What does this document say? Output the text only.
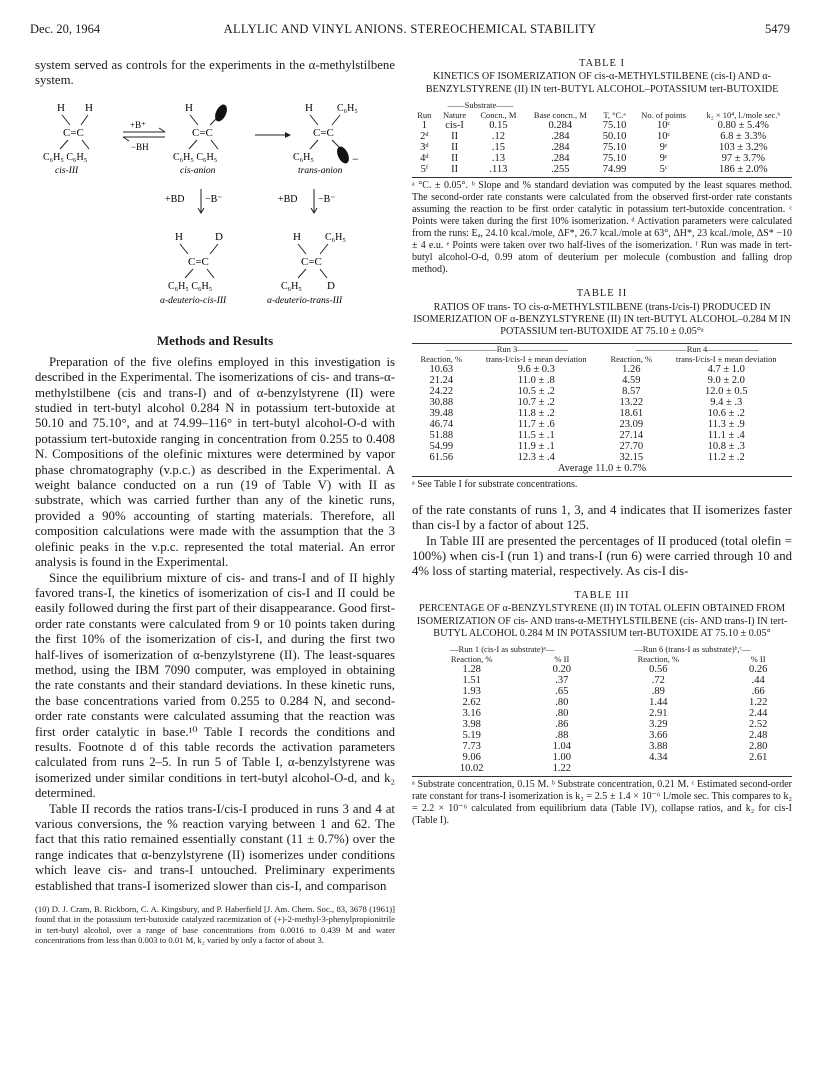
Dec. 20, 1964	ALLYLIC AND VINYL ANIONS. STEREOCHEMICAL STABILITY	5479

system served as controls for the experiments in the α-methylstilbene system.

H H
C=C
C₆H₅ C₆H₅
cis-III
+B⁺
−BH
H
C=C
C₆H₅ C₆H₅
cis-anion
H C₆H₅
C=C
−
C₆H₅
trans-anion
+BD −B⁻	+BD −B⁻
H	D
C=C
C₆H₅ C₆H₅
α-deuterio-cis-III
H C₆H₅
C=C
C₆H₅ D
α-deuterio-trans-III
Methods and Results

Preparation of the five olefins employed in this investigation is described in the Experimental. The isomerizations of cis- and trans-α-methylstilbene (cis and trans-I) and of α-benzylstyrene (II) were studied in tert-butyl alcohol 0.284 N in potassium tert-butoxide at 50.10 and 75.10°, and at 74.99–116° in tert-butyl alcohol-O-d with potassium tert-butoxide ranging in concentration from 0.255 to 0.408 N. Compositions of the olefinic mixtures were determined by vapor phase chromatography (v.p.c.) as described in the Experimental. A weight balance conducted on a run (19 of Table V) with II as substrate, which was carried further than any of the kinetic runs, provided a 90% accounting of starting materials. Therefore, all composition calculations were made with the assumption that the 3 olefinic peaks in the v.p.c. represented the total material. An error analysis is found in the Experimental.

Since the equilibrium mixture of cis- and trans-I and of II highly favored trans-I, the kinetics of isomerization of cis-I and II could be easily followed during the first part of their disappearance. Good first-order rate constants were calculated from 9 or 10 points taken during the first 10% of the isomerization of cis-I, and during the first two half-lives of isomerization of α-benzylstyrene (II). The least-squares method, using the IBM 7090 computer, was employed in obtaining the rate constants and their standard deviations. In these kinetic runs, the base concentrations varied from 0.255 to 0.284 N, and second-order rate constants were calculated assuming that the reaction was first order catalytic in base.¹⁰ Table I records the conditions and results. Footnote d of this table records the activation parameters calculated from runs 2–5. In run 5 of Table I, α-benzylstyrene was isomerized under similar conditions in tert-butyl alcohol-O-d, and k₂ determined.

Table II records the ratios trans-I/cis-I produced in runs 3 and 4 at various conversions, the % reaction varying between 1 and 62. The fact that this ratio remained essentially constant (11 ± 0.7%) over the range indicates that α-benzylstyrene (II) isomerizes under conditions which leave cis- and trans-I untouched. Preliminary experiments established that trans-I isomerized slower than cis-I, and comparison

(10) D. J. Cram, B. Rickborn, C. A. Kingsbury, and P. Haberfield [J. Am. Chem. Soc., 83, 3678 (1961)] found that in the potassium tert-butoxide catalyzed racemization of (+)-2-methyl-3-phenylpropionitrile in tert-butyl alcohol, over a range of base concentrations from 0.0016 to 0.439 M and water concentrations from less than 0.003 to 0.01 M, k₂ varied by only a factor of about 3.

TABLE I
KINETICS OF ISOMERIZATION OF cis-α-METHYLSTILBENE (cis-I) AND α-BENZYLSTYRENE (II) IN tert-BUTYL ALCOHOL–POTASSIUM tert-BUTOXIDE
	——Substrate——					
Run	Nature	Concn., M	Base concn., M	T, °C.ᵃ	No. of points	k₂ × 10⁴, l./mole sec.ᵇ
1	cis-I	0.15	0.284	75.10	10ᶜ	0.80 ± 5.4%
2ᵈ	II	.12	.284	50.10	10ᶜ	6.8 ± 3.3%
3ᵈ	II	.15	.284	75.10	9ᶜ	103 ± 3.2%
4ᵈ	II	.13	.284	75.10	9ᶜ	97 ± 3.7%
5ᶠ	II	.113	.255	74.99	5ᶜ	186 ± 2.0%

ᵃ °C. ± 0.05°. ᵇ Slope and % standard deviation was computed by the least squares method. The second-order rate constants were calculated from the observed first-order rate constants assuming the reaction to be first order catalytic in potassium tert-butoxide concentration. ᶜ Points were taken during the first 10% isomerization. ᵈ Activation parameters were calculated from the runs: Eₐ, 24.10 kcal./mole, ΔF*, 26.7 kcal./mole at 63°, ΔH*, 23 kcal./mole, ΔS* −10 ± 4 e.u. ᵉ Points were taken over two half-lives of the isomerization. ᶠ Run was made in tert-butyl alcohol-O-d, 0.99 atom of deuterium per molecule (combustion and falling drop method).

TABLE II
RATIOS OF trans- TO cis-α-METHYLSTILBENE (trans-I/cis-I) PRODUCED IN ISOMERIZATION OF α-BENZYLSTYRENE (II) IN tert-BUTYL ALCOHOL–0.284 M IN POTASSIUM tert-BUTOXIDE AT 75.10 ± 0.05°ᵃ
——————Run 3——————		——————Run 4——————	
Reaction, %	trans-I/cis-I ± mean deviation	Reaction, %	trans-I/cis-I ± mean deviation
10.63	9.6 ± 0.3	1.26	4.7 ± 1.0
21.24	11.0 ± .8	4.59	9.0 ± 2.0
24.22	10.5 ± .2	8.57	12.0 ± 0.5
30.88	10.7 ± .2	13.22	9.4 ± .3
39.48	11.8 ± .2	18.61	10.6 ± .2
46.74	11.7 ± .6	23.09	11.3 ± .9
51.88	11.5 ± .1	27.14	11.1 ± .4
54.99	11.9 ± .1	27.70	10.8 ± .3
61.56	12.3 ± .4	32.15	11.2 ± .2
Average 11.0 ± 0.7%			

ᵃ See Table I for substrate concentrations.

of the rate constants of runs 1, 3, and 4 indicates that II isomerizes faster than cis-I by a factor of about 125.

In Table III are presented the percentages of II produced (total olefin = 100%) when cis-I (run 1) and trans-I (run 6) were carried through 10 and 4% loss of starting material, respectively. As cis-I dis-

TABLE III
PERCENTAGE OF α-BENZYLSTYRENE (II) IN TOTAL OLEFIN OBTAINED FROM ISOMERIZATION OF cis- AND trans-α-METHYLSTILBENE (cis- AND trans-I) IN tert-BUTYL ALCOHOL 0.284 M IN POTASSIUM tert-BUTOXIDE AT 75.10 ± 0.05°
—Run 1 (cis-I as substrate)ᵃ—		—Run 6 (trans-I as substrate)ᵇ,ᶜ—	
Reaction, %	% II	Reaction, %	% II
1.28	0.20	0.56	0.26
1.51	.37	.72	.44
1.93	.65	.89	.66
2.62	.80	1.44	1.22
3.16	.80	2.91	2.44
3.98	.86	3.29	2.52
5.19	.88	3.66	2.48
7.73	1.04	3.88	2.80
9.06	1.00	4.34	2.61
10.02	1.22		

ᵃ Substrate concentration, 0.15 M. ᵇ Substrate concentration, 0.21 M. ᶜ Estimated second-order rate constant for trans-I isomerization is k₂ = 2.5 ± 1.4 × 10⁻⁶ l./mole sec. This compares to k₂ = 2.2 × 10⁻⁶ calculated from equilibrium data (Table IV), collapse ratios, and k₂ for cis-I (Table I).
